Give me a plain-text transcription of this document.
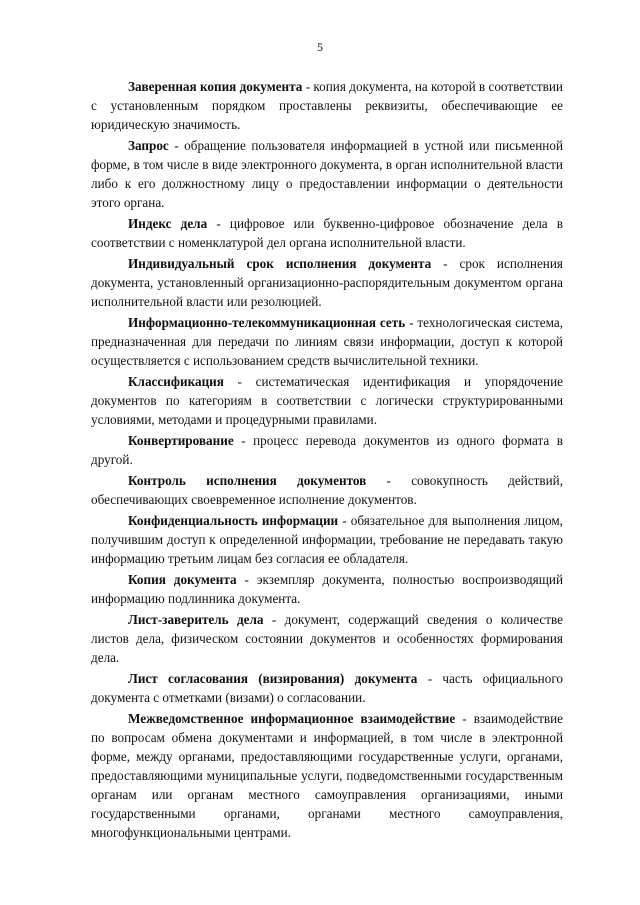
5

Заверенная копия документа - копия документа, на которой в соответствии с установленным порядком проставлены реквизиты, обеспечивающие ее юридическую значимость.

Запрос - обращение пользователя информацией в устной или письменной форме, в том числе в виде электронного документа, в орган исполнительной власти либо к его должностному лицу о предоставлении информации о деятельности этого органа.

Индекс дела - цифровое или буквенно-цифровое обозначение дела в соответствии с номенклатурой дел органа исполнительной власти.

Индивидуальный срок исполнения документа - срок исполнения документа, установленный организационно-распорядительным документом органа исполнительной власти или резолюцией.

Информационно-телекоммуникационная сеть - технологическая система, предназначенная для передачи по линиям связи информации, доступ к которой осуществляется с использованием средств вычислительной техники.

Классификация - систематическая идентификация и упорядочение документов по категориям в соответствии с логически структурированными условиями, методами и процедурными правилами.

Конвертирование - процесс перевода документов из одного формата в другой.

Контроль исполнения документов - совокупность действий, обеспечивающих своевременное исполнение документов.

Конфиденциальность информации - обязательное для выполнения лицом, получившим доступ к определенной информации, требование не передавать такую информацию третьим лицам без согласия ее обладателя.

Копия документа - экземпляр документа, полностью воспроизводящий информацию подлинника документа.

Лист-заверитель дела - документ, содержащий сведения о количестве листов дела, физическом состоянии документов и особенностях формирования дела.

Лист согласования (визирования) документа - часть официального документа с отметками (визами) о согласовании.

Межведомственное информационное взаимодействие - взаимодействие по вопросам обмена документами и информацией, в том числе в электронной форме, между органами, предоставляющими государственные услуги, органами, предоставляющими муниципальные услуги, подведомственными государственным органам или органам местного самоуправления организациями, иными государственными органами, органами местного самоуправления, многофункциональными центрами.
